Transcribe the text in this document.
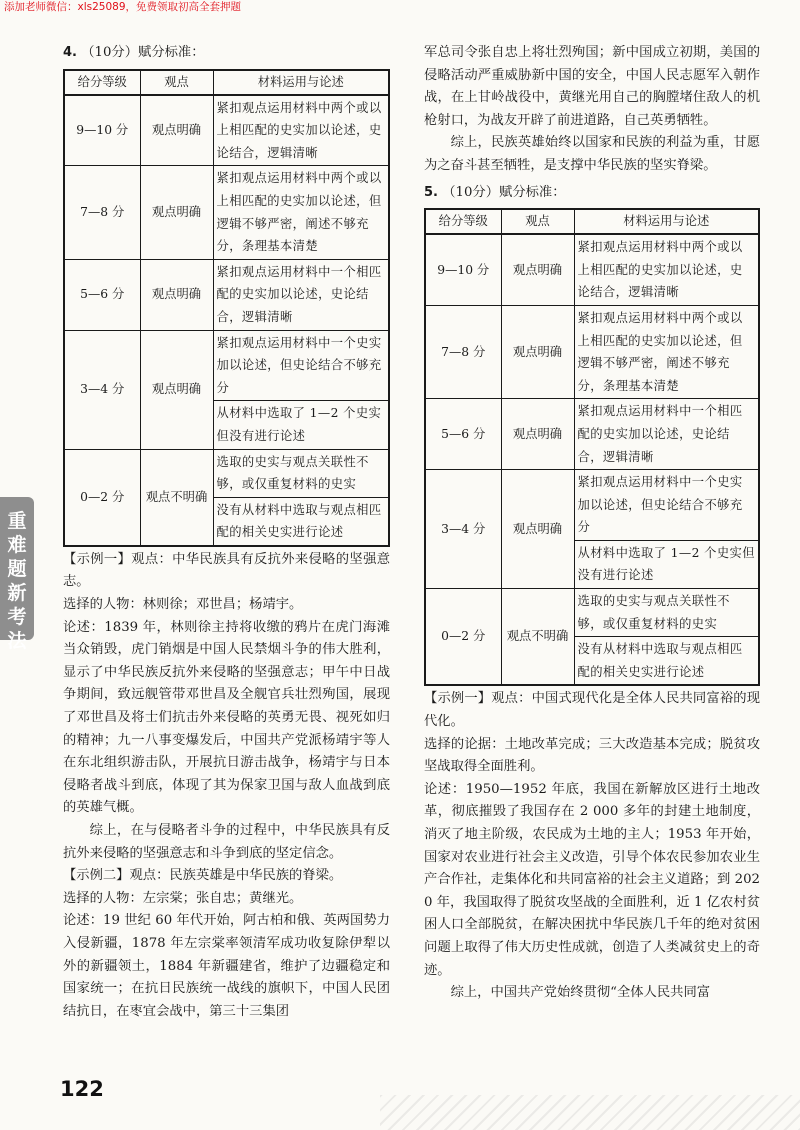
添加老师微信：xls25089，免费领取初高全套押题
重难题新考法
4. （10分）赋分标准：
给分等级	观点	材料运用与论述
9—10 分	观点明确	紧扣观点运用材料中两个或以上相匹配的史实加以论述，史论结合，逻辑清晰
7—8 分	观点明确	紧扣观点运用材料中两个或以上相匹配的史实加以论述，但逻辑不够严密，阐述不够充分，条理基本清楚
5—6 分	观点明确	紧扣观点运用材料中一个相匹配的史实加以论述，史论结合，逻辑清晰
3—4 分	观点明确	紧扣观点运用材料中一个史实加以论述，但史论结合不够充分
		从材料中选取了 1—2 个史实但没有进行论述
0—2 分	观点不明确	选取的史实与观点关联性不够，或仅重复材料的史实
		没有从材料中选取与观点相匹配的相关史实进行论述

【示例一】观点：中华民族具有反抗外来侵略的坚强意志。

选择的人物：林则徐；邓世昌；杨靖宇。

论述：1839 年，林则徐主持将收缴的鸦片在虎门海滩当众销毁，虎门销烟是中国人民禁烟斗争的伟大胜利，显示了中华民族反抗外来侵略的坚强意志；甲午中日战争期间，致远舰管带邓世昌及全舰官兵壮烈殉国，展现了邓世昌及将士们抗击外来侵略的英勇无畏、视死如归的精神；九一八事变爆发后，中国共产党派杨靖宇等人在东北组织游击队，开展抗日游击战争，杨靖宇与日本侵略者战斗到底，体现了其为保家卫国与敌人血战到底的英雄气概。

综上，在与侵略者斗争的过程中，中华民族具有反抗外来侵略的坚强意志和斗争到底的坚定信念。

【示例二】观点：民族英雄是中华民族的脊梁。

选择的人物：左宗棠；张自忠；黄继光。

论述：19 世纪 60 年代开始，阿古柏和俄、英两国势力入侵新疆，1878 年左宗棠率领清军成功收复除伊犁以外的新疆领土，1884 年新疆建省，维护了边疆稳定和国家统一；在抗日民族统一战线的旗帜下，中国人民团结抗日，在枣宜会战中，第三十三集团

军总司令张自忠上将壮烈殉国；新中国成立初期，美国的侵略活动严重威胁新中国的安全，中国人民志愿军入朝作战，在上甘岭战役中，黄继光用自己的胸膛堵住敌人的机枪射口，为战友开辟了前进道路，自己英勇牺牲。

综上，民族英雄始终以国家和民族的利益为重，甘愿为之奋斗甚至牺牲，是支撑中华民族的坚实脊梁。

5. （10分）赋分标准：
给分等级	观点	材料运用与论述
9—10 分	观点明确	紧扣观点运用材料中两个或以上相匹配的史实加以论述，史论结合，逻辑清晰
7—8 分	观点明确	紧扣观点运用材料中两个或以上相匹配的史实加以论述，但逻辑不够严密，阐述不够充分，条理基本清楚
5—6 分	观点明确	紧扣观点运用材料中一个相匹配的史实加以论述，史论结合，逻辑清晰
3—4 分	观点明确	紧扣观点运用材料中一个史实加以论述，但史论结合不够充分
		从材料中选取了 1—2 个史实但没有进行论述
0—2 分	观点不明确	选取的史实与观点关联性不够，或仅重复材料的史实
		没有从材料中选取与观点相匹配的相关史实进行论述

【示例一】观点：中国式现代化是全体人民共同富裕的现代化。

选择的论据：土地改革完成；三大改造基本完成；脱贫攻坚战取得全面胜利。

论述：1950—1952 年底，我国在新解放区进行土地改革，彻底摧毁了我国存在 2 000 多年的封建土地制度，消灭了地主阶级，农民成为土地的主人；1953 年开始，国家对农业进行社会主义改造，引导个体农民参加农业生产合作社，走集体化和共同富裕的社会主义道路；到 2020 年，我国取得了脱贫攻坚战的全面胜利，近 1 亿农村贫困人口全部脱贫，在解决困扰中华民族几千年的绝对贫困问题上取得了伟大历史性成就，创造了人类减贫史上的奇迹。

综上，中国共产党始终贯彻“全体人民共同富

122
